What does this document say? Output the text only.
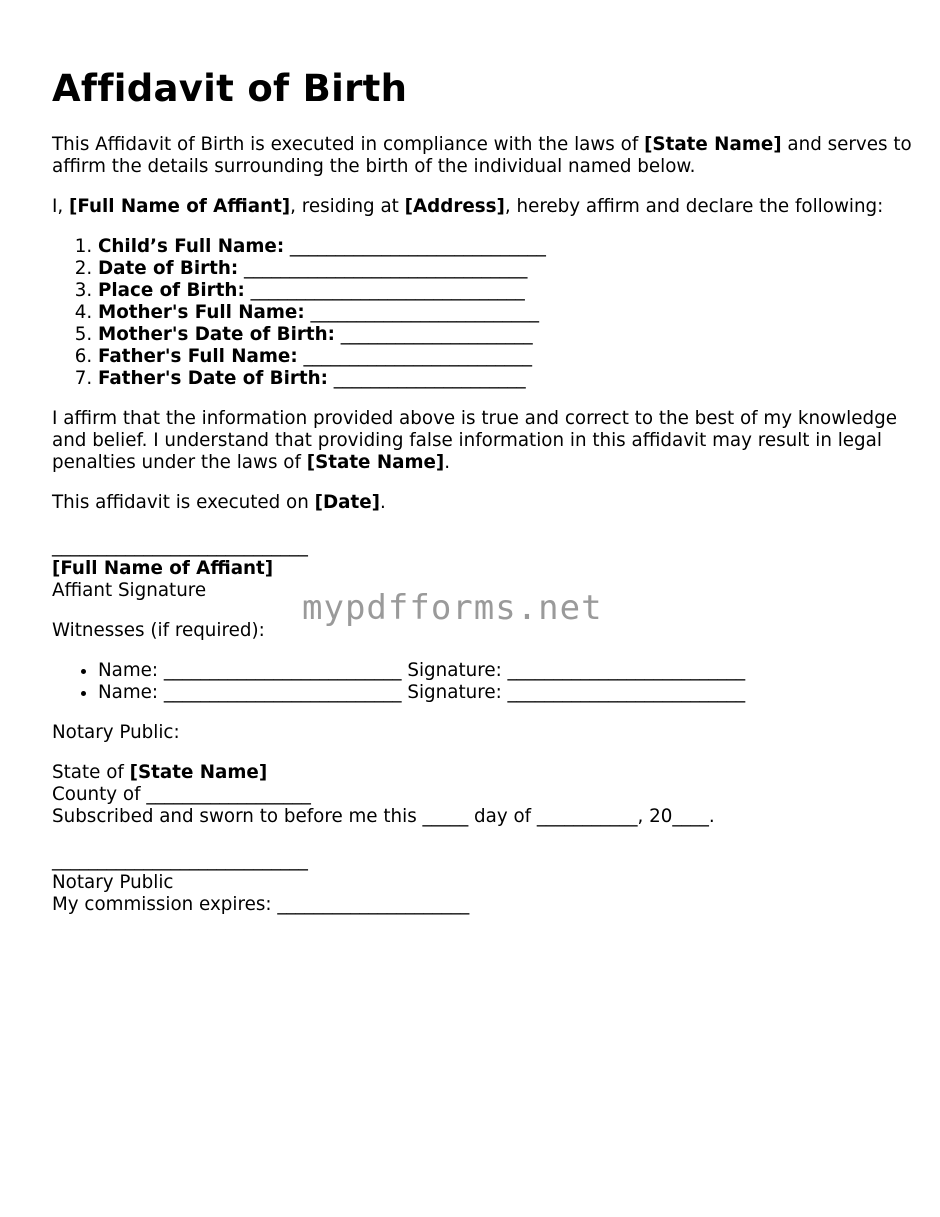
Affidavit of Birth

This Affidavit of Birth is executed in compliance with the laws of [State Name] and serves to affirm the details surrounding the birth of the individual named below.

I, [Full Name of Affiant], residing at [Address], hereby affirm and declare the following:

1. Child’s Full Name: ____________________________
2. Date of Birth: _______________________________
3. Place of Birth: ______________________________
4. Mother's Full Name: _________________________
5. Mother's Date of Birth: _____________________
6. Father's Full Name: _________________________
7. Father's Date of Birth: _____________________

I affirm that the information provided above is true and correct to the best of my knowledge and belief. I understand that providing false information in this affidavit may result in legal penalties under the laws of [State Name].

This affidavit is executed on [Date].

____________________________
[Full Name of Affiant]
Affiant Signature

Witnesses (if required):

• Name: __________________________ Signature: __________________________
• Name: __________________________ Signature: __________________________

Notary Public:

State of [State Name]
County of __________________
Subscribed and sworn to before me this _____ day of ___________, 20____.
____________________________
Notary Public
My commission expires: _____________________
mypdfforms.net
